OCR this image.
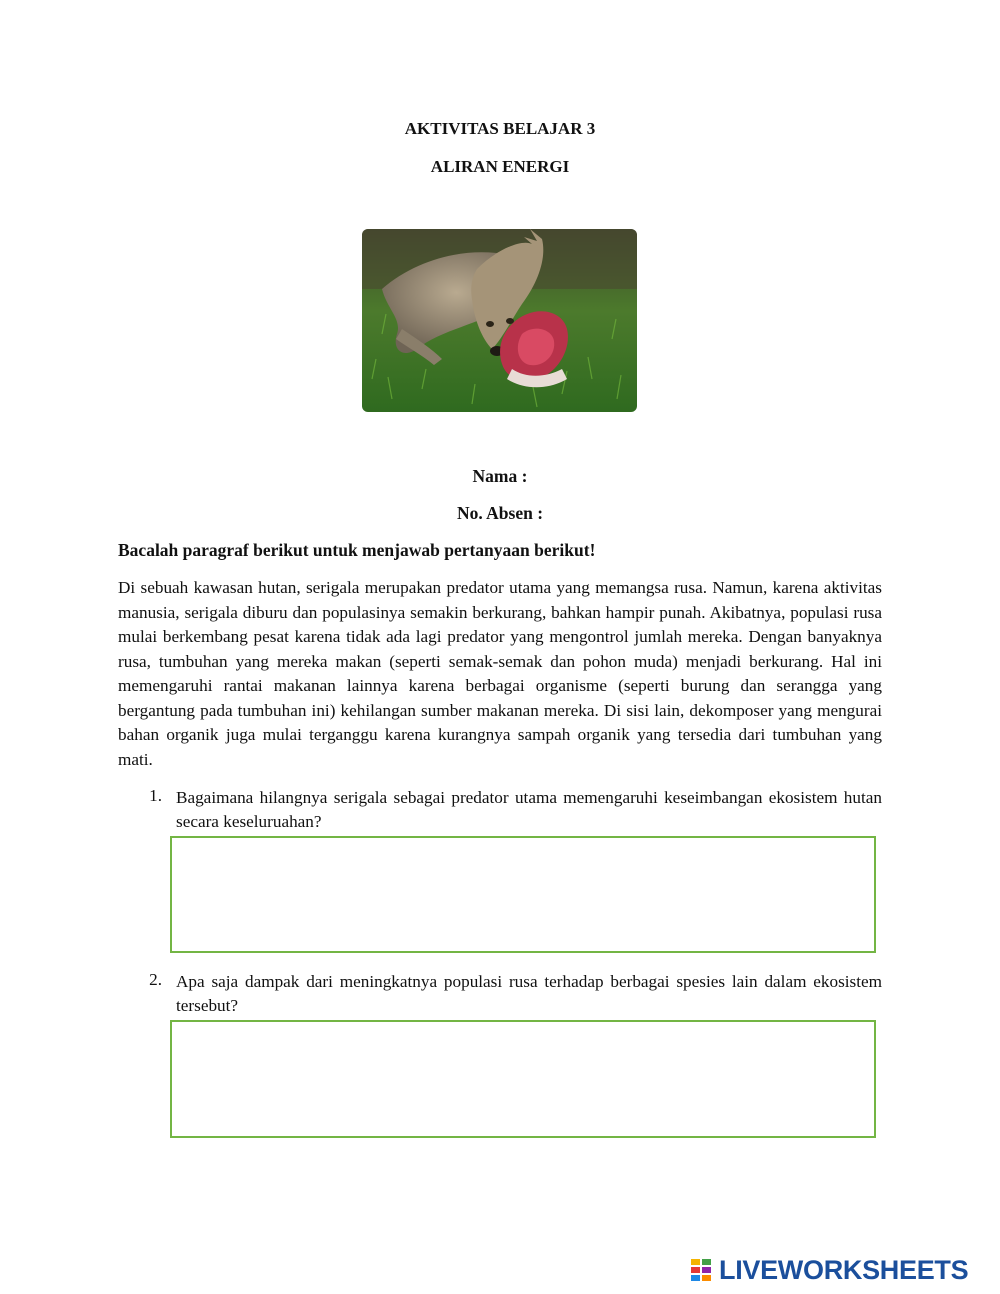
AKTIVITAS BELAJAR 3
ALIRAN ENERGI
Nama :
No. Absen :
Bacalah paragraf berikut untuk menjawab pertanyaan berikut!
Di sebuah kawasan hutan, serigala merupakan predator utama yang memangsa rusa. Namun, karena aktivitas manusia, serigala diburu dan populasinya semakin berkurang, bahkan hampir punah. Akibatnya, populasi rusa mulai berkembang pesat karena tidak ada lagi predator yang mengontrol jumlah mereka. Dengan banyaknya rusa, tumbuhan yang mereka makan (seperti semak-semak dan pohon muda) menjadi berkurang. Hal ini memengaruhi rantai makanan lainnya karena berbagai organisme (seperti burung dan serangga yang bergantung pada tumbuhan ini) kehilangan sumber makanan mereka. Di sisi lain, dekomposer yang mengurai bahan organik juga mulai terganggu karena kurangnya sampah organik yang tersedia dari tumbuhan yang mati.
1. Bagaimana hilangnya serigala sebagai predator utama memengaruhi keseimbangan ekosistem hutan secara keseluruahan?
2. Apa saja dampak dari meningkatnya populasi rusa terhadap berbagai spesies lain dalam ekosistem tersebut?
LIVEWORKSHEETS
